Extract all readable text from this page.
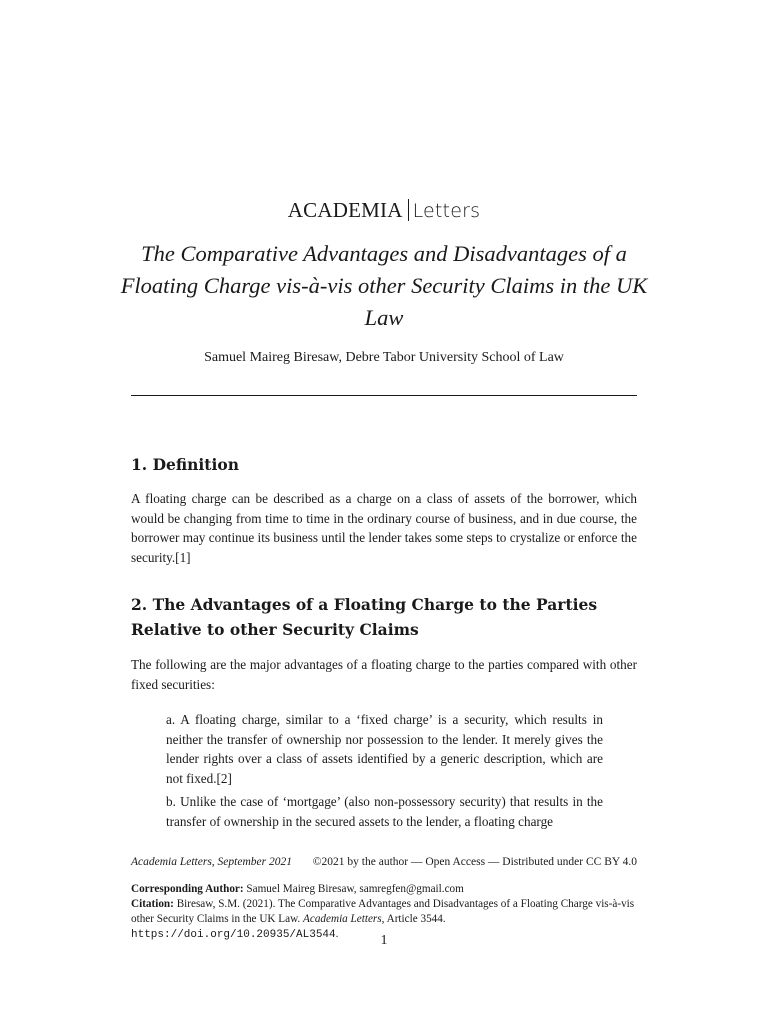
ACADEMIA Letters
The Comparative Advantages and Disadvantages of a Floating Charge vis-à-vis other Security Claims in the UK Law
Samuel Maireg Biresaw, Debre Tabor University School of Law
1. Definition
A floating charge can be described as a charge on a class of assets of the borrower, which would be changing from time to time in the ordinary course of business, and in due course, the borrower may continue its business until the lender takes some steps to crystalize or enforce the security.[1]
2. The Advantages of a Floating Charge to the Parties Relative to other Security Claims
The following are the major advantages of a floating charge to the parties compared with other fixed securities:
a. A floating charge, similar to a ‘fixed charge’ is a security, which results in neither the transfer of ownership nor possession to the lender. It merely gives the lender rights over a class of assets identified by a generic description, which are not fixed.[2]
b. Unlike the case of ‘mortgage’ (also non-possessory security) that results in the transfer of ownership in the secured assets to the lender, a floating charge
Academia Letters, September 2021 ©2021 by the author — Open Access — Distributed under CC BY 4.0
Corresponding Author: Samuel Maireg Biresaw, samregfen@gmail.com
Citation: Biresaw, S.M. (2021). The Comparative Advantages and Disadvantages of a Floating Charge vis-à-vis other Security Claims in the UK Law. Academia Letters, Article 3544. https://doi.org/10.20935/AL3544.	1
